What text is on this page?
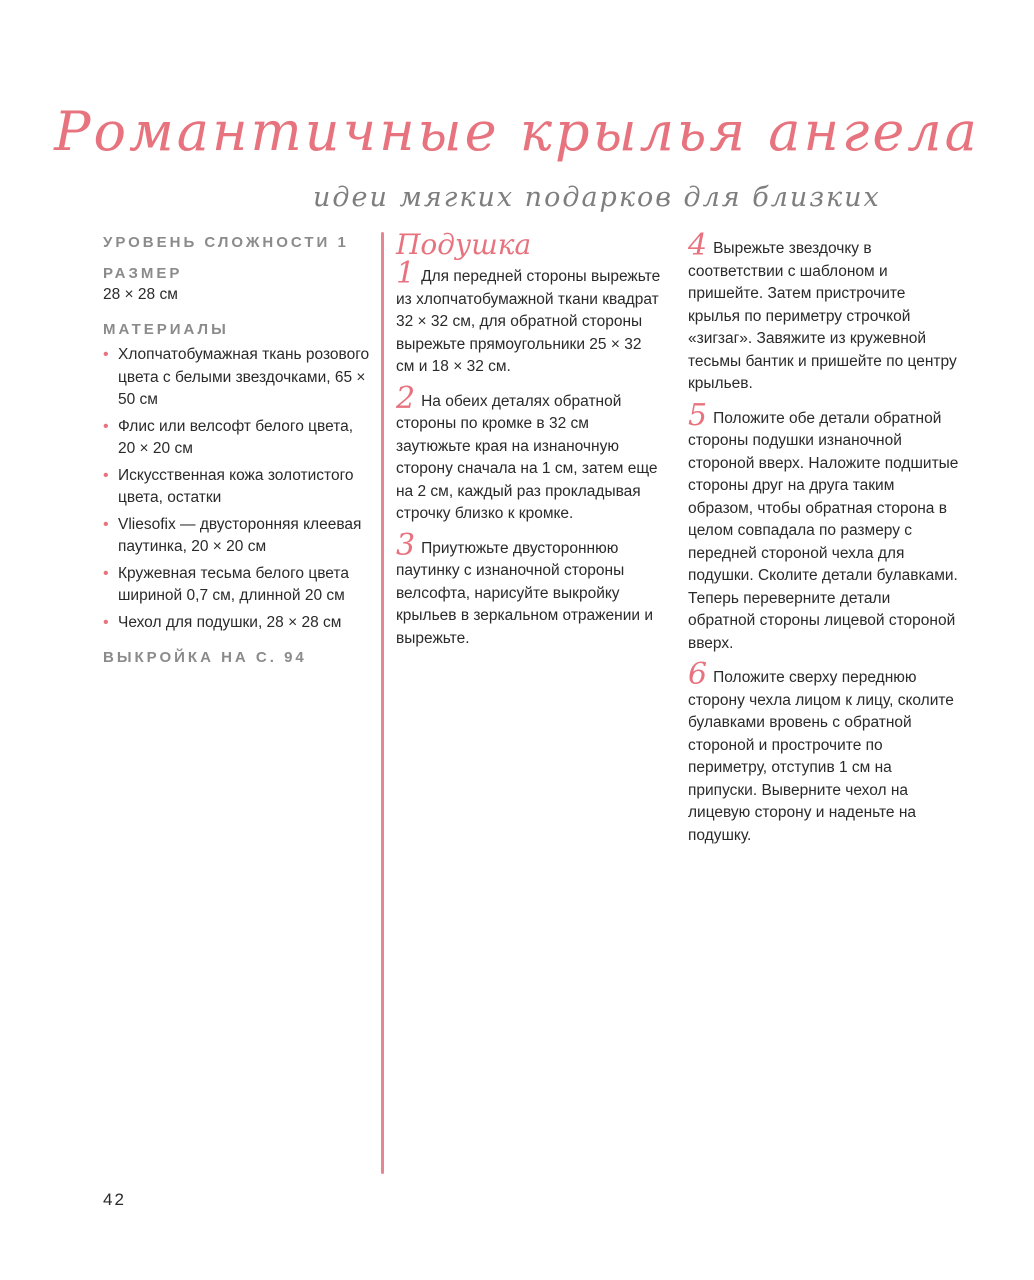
Романтичные крылья ангела
идеи мягких подарков для близких
УРОВЕНЬ СЛОЖНОСТИ 1
РАЗМЕР
28 × 28 см
МАТЕРИАЛЫ
• Хлопчатобумажная ткань розового цвета с белыми звездочками, 65 × 50 см
• Флис или велсофт белого цвета, 20 × 20 см
• Искусственная кожа золотистого цвета, остатки
• Vliesofix — двусторонняя клеевая паутинка, 20 × 20 см
• Кружевная тесьма белого цвета шириной 0,7 см, длинной 20 см
• Чехол для подушки, 28 × 28 см
ВЫКРОЙКА НА С. 94
Подушка

1 Для передней стороны вырежьте из хлопчатобумажной ткани квадрат 32 × 32 см, для обратной стороны вырежьте прямоугольники 25 × 32 см и 18 × 32 см.

2 На обеих деталях обратной стороны по кромке в 32 см заутюжьте края на изнаночную сторону сначала на 1 см, затем еще на 2 см, каждый раз прокладывая строчку близко к кромке.

3 Приутюжьте двустороннюю паутинку с изнаночной стороны велсофта, нарисуйте выкройку крыльев в зеркальном отражении и вырежьте.

4 Вырежьте звездочку в соответствии с шаблоном и пришейте. Затем пристрочите крылья по периметру строчкой «зигзаг». Завяжите из кружевной тесьмы бантик и пришейте по центру крыльев.

5 Положите обе детали обратной стороны подушки изнаночной стороной вверх. Наложите подшитые стороны друг на друга таким образом, чтобы обратная сторона в целом совпадала по размеру с передней стороной чехла для подушки. Сколите детали булавками. Теперь переверните детали обратной стороны лицевой стороной вверх.

6 Положите сверху переднюю сторону чехла лицом к лицу, сколите булавками вровень с обратной стороной и прострочите по периметру, отступив 1 см на припуски. Выверните чехол на лицевую сторону и наденьте на подушку.

42
